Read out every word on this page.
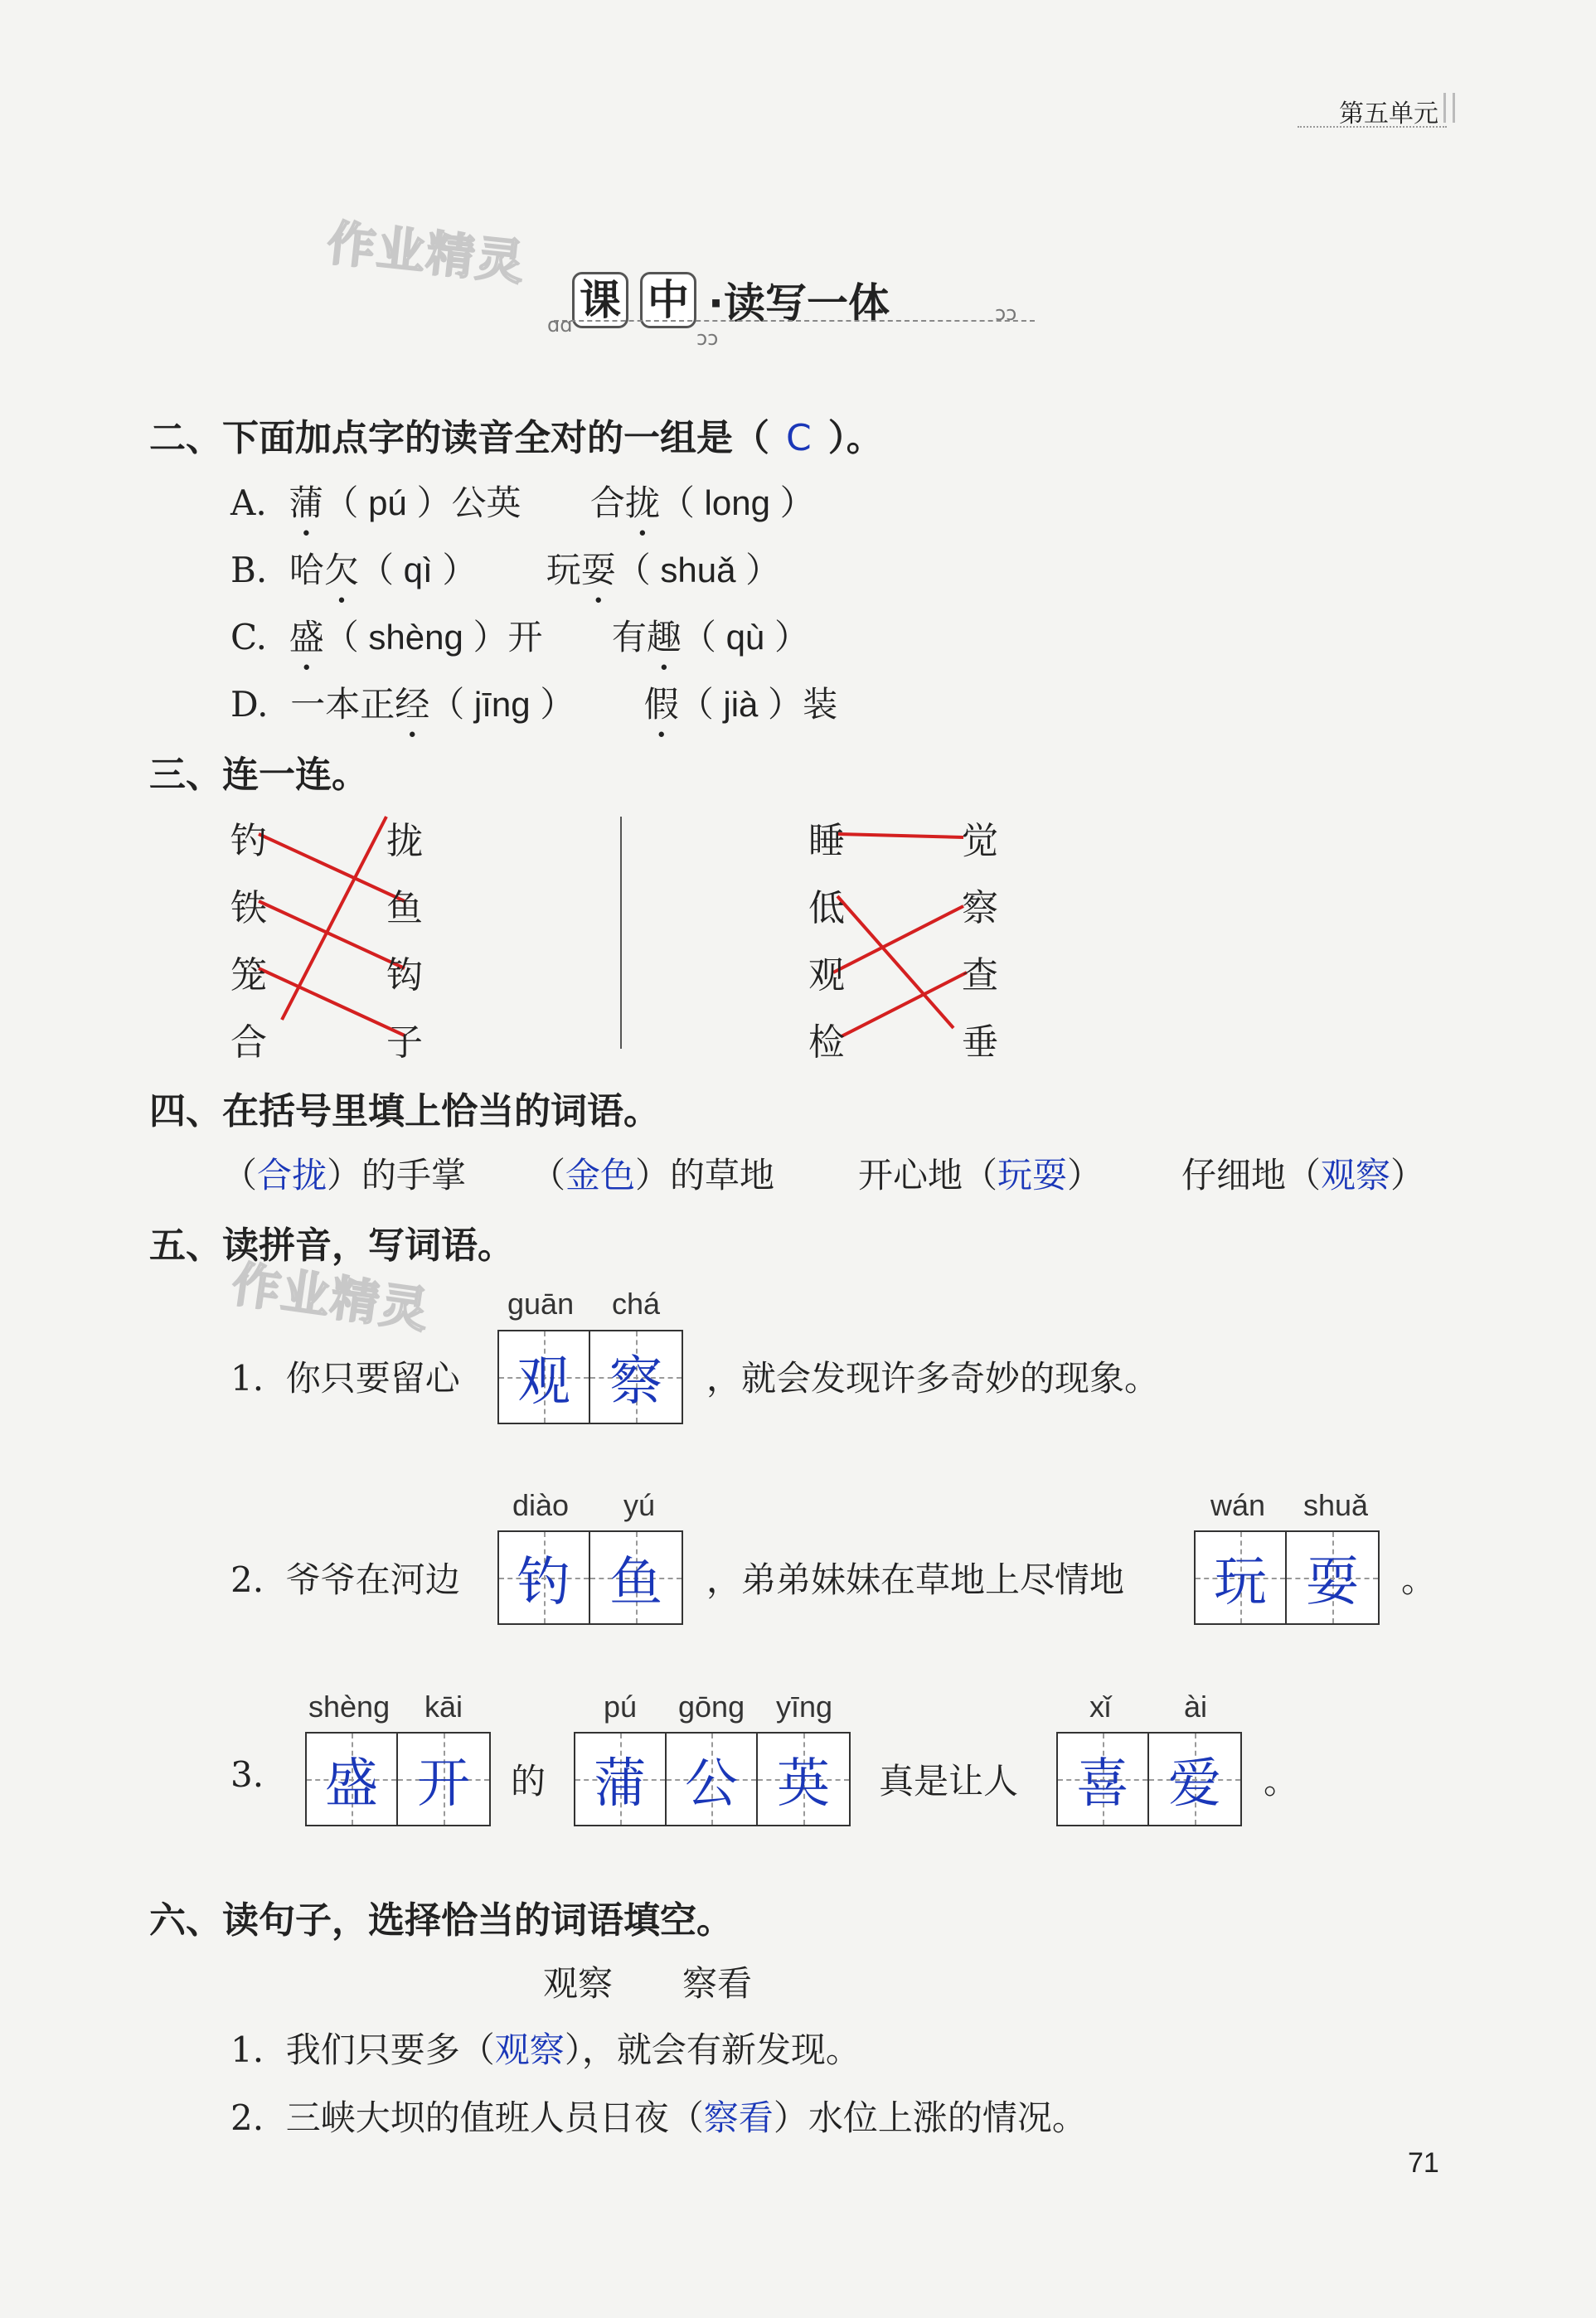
第五单元
作业精灵
作业精灵
课 中 ·读写一体
ɑɑ	ɔɔ
ɔɔ
二、下面加点字的读音全对的一组是（ C ）。
A. 蒲（ pú ）公英 合拢（ long ）
B. 哈欠（ qì ） 玩耍（ shuǎ ）
C. 盛（ shèng ）开 有趣（ qù ）
D. 一本正经（ jīng ） 假（ jià ）装
三、连一连。
钓
铁
笼
合
拢
鱼
钩
子
睡
低
观
检
觉
察
查
垂
四、在括号里填上恰当的词语。
（合拢）的手掌 （金色）的草地 开心地（玩耍） 仔细地（观察）
五、读拼音，写词语。
guān chá
1. 你只要留心	观 察	，就会发现许多奇妙的现象。
diào yú
2. 爷爷在河边	钓 鱼	，弟弟妹妹在草地上尽情地
wán shuǎ
玩 耍	。
shèng kāi
3.	盛 开	的
pú gōng yīng
蒲 公 英	真是让人
xǐ ài
喜 爱	。
六、读句子，选择恰当的词语填空。
观察　　察看
1. 我们只要多（观察），就会有新发现。
2. 三峡大坝的值班人员日夜（察看）水位上涨的情况。
71
